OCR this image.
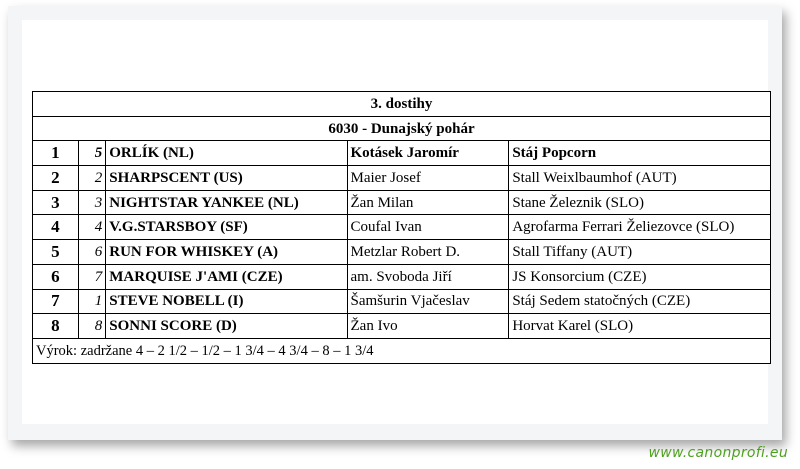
3. dostihy				
6030 - Dunajský pohár				
1	5	ORLÍK (NL)	Kotásek Jaromír	Stáj Popcorn
2	2	SHARPSCENT (US)	Maier Josef	Stall Weixlbaumhof (AUT)
3	3	NIGHTSTAR YANKEE (NL)	Žan Milan	Stane Železnik (SLO)
4	4	V.G.STARSBOY (SF)	Coufal Ivan	Agrofarma Ferrari Želiezovce (SLO)
5	6	RUN FOR WHISKEY (A)	Metzlar Robert D.	Stall Tiffany (AUT)
6	7	MARQUISE J'AMI (CZE)	am. Svoboda Jiří	JS Konsorcium (CZE)
7	1	STEVE NOBELL (I)	Šamšurin Vjačeslav	Stáj Sedem statočných (CZE)
8	8	SONNI SCORE (D)	Žan Ivo	Horvat Karel (SLO)
Výrok: zadržane 4 – 2 1/2 – 1/2 – 1 3/4 – 4 3/4 – 8 – 1 3/4				
www.canonprofi.eu
